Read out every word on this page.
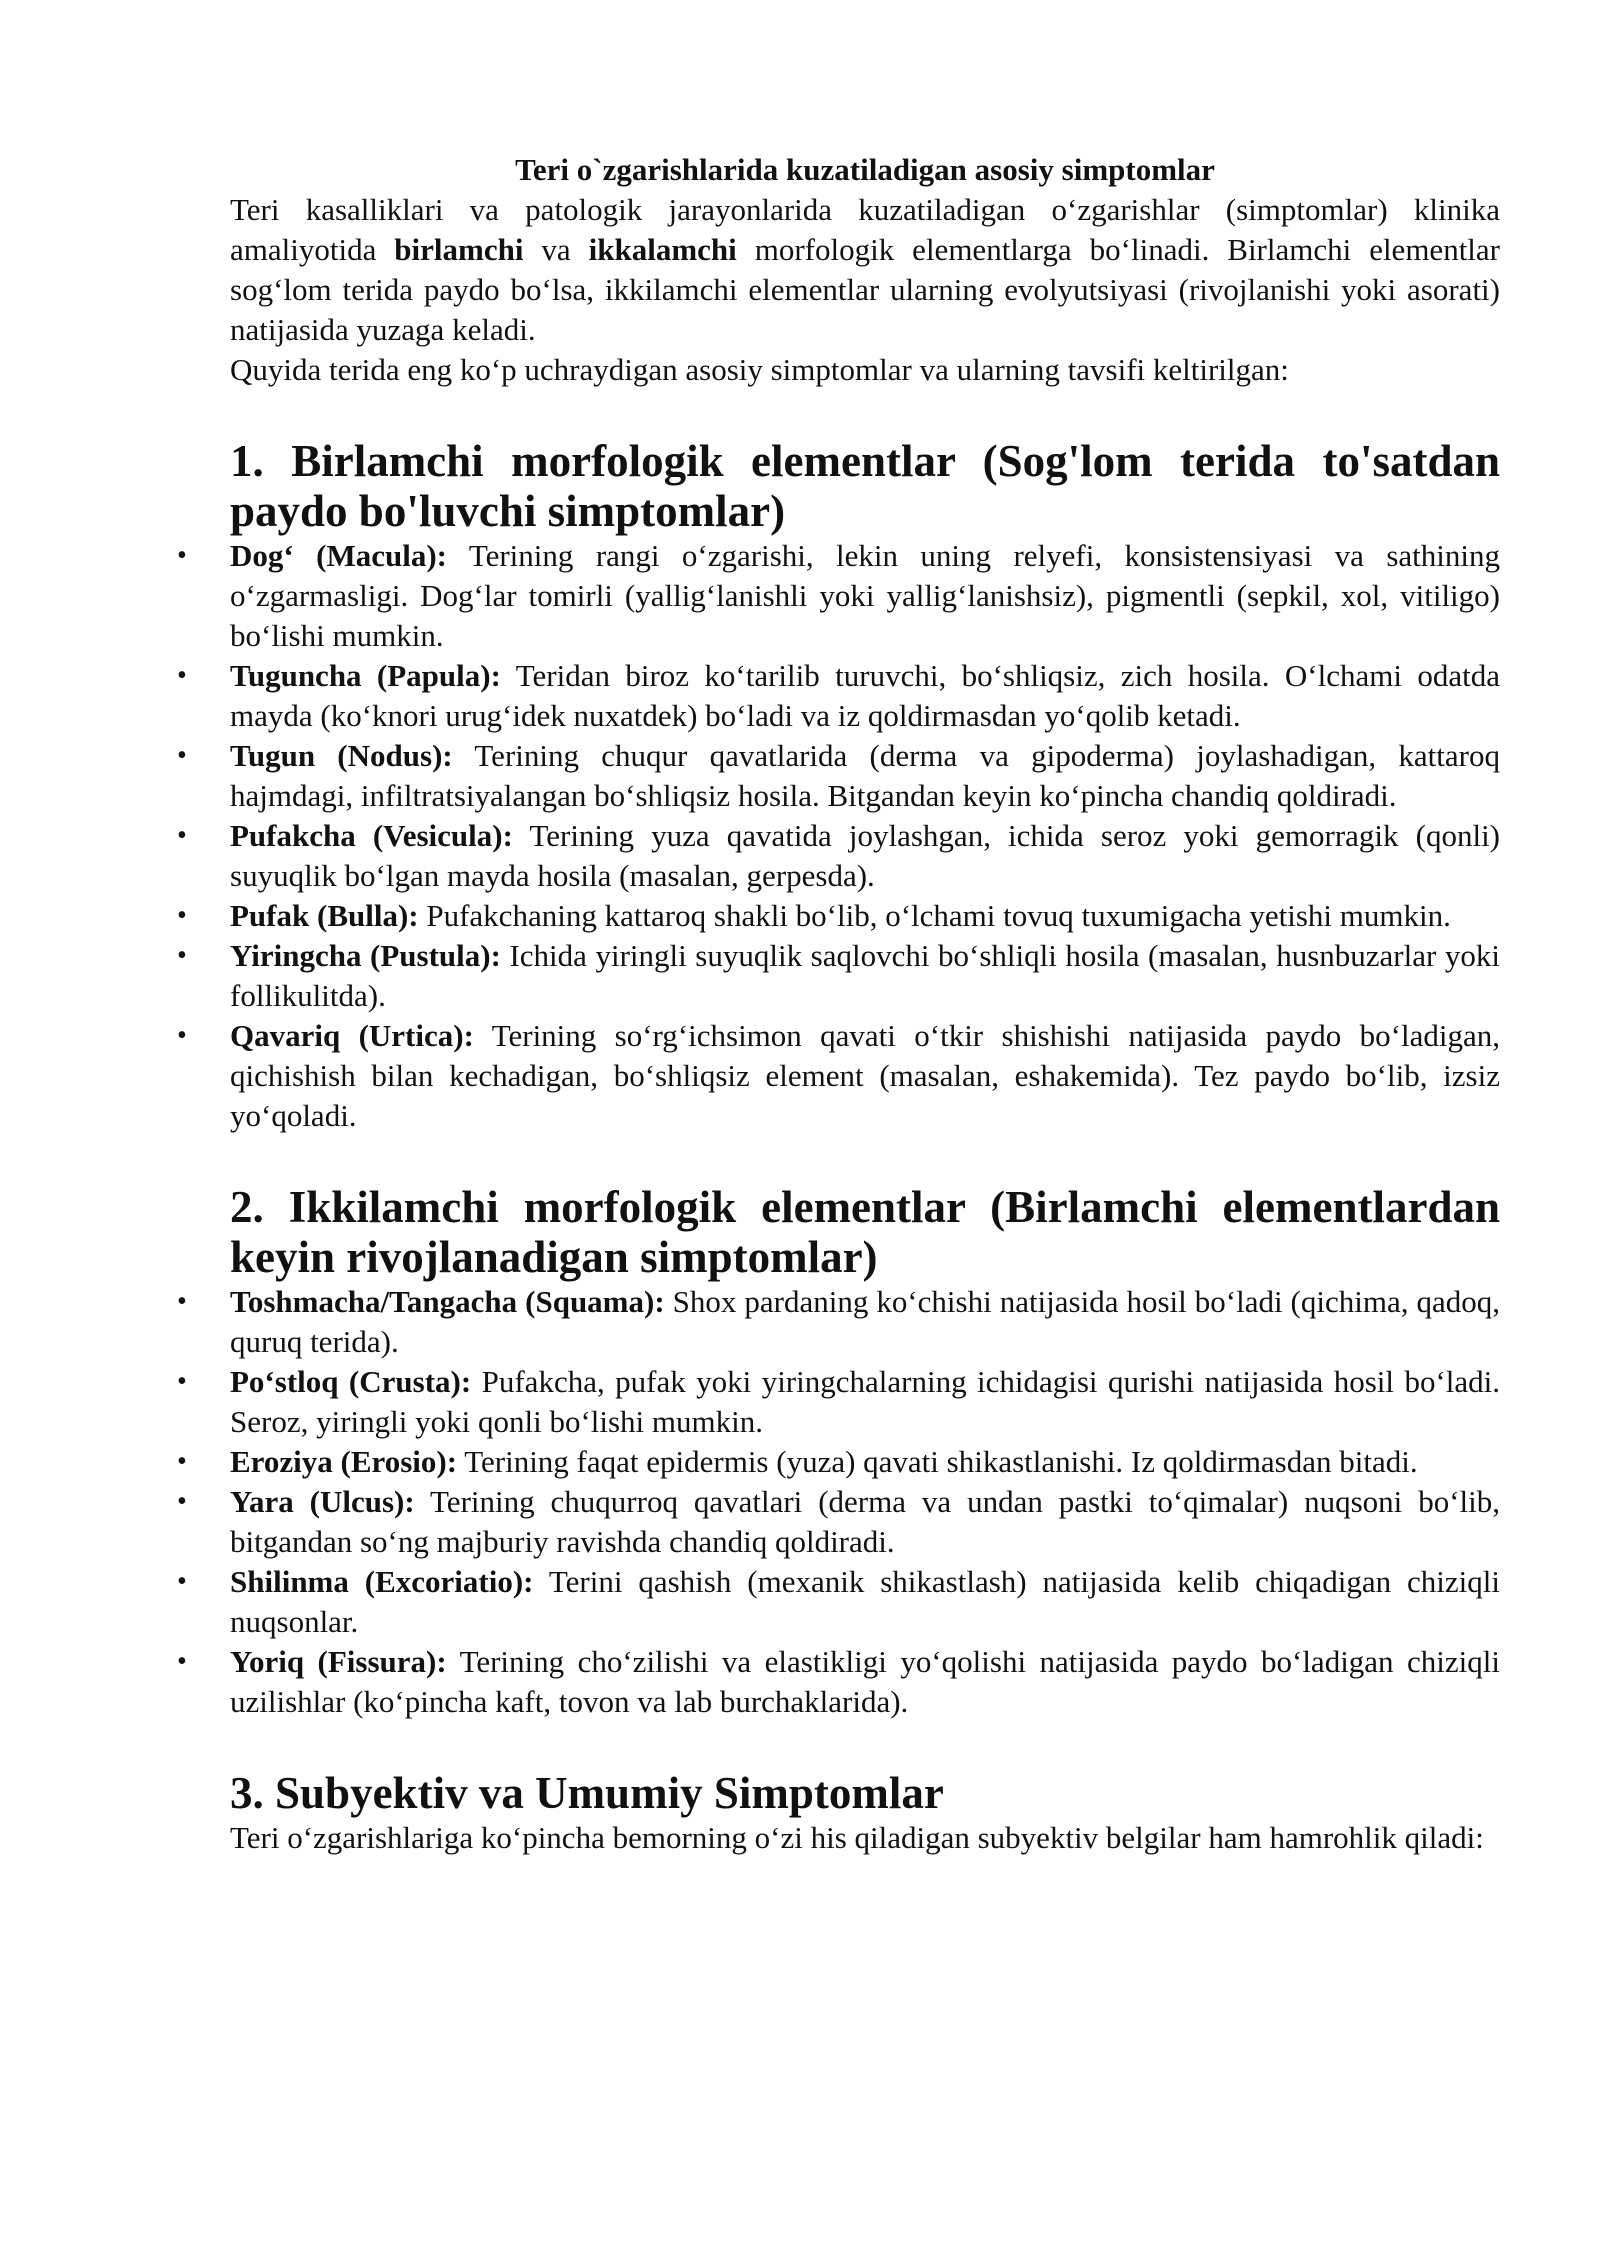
Teri o`zgarishlarida kuzatiladigan asosiy simptomlar

Teri kasalliklari va patologik jarayonlarida kuzatiladigan o‘zgarishlar (simptomlar) klinika amaliyotida birlamchi va ikkalamchi morfologik elementlarga bo‘linadi. Birlamchi elementlar sog‘lom terida paydo bo‘lsa, ikkilamchi elementlar ularning evolyutsiyasi (rivojlanishi yoki asorati) natijasida yuzaga keladi.

Quyida terida eng ko‘p uchraydigan asosiy simptomlar va ularning tavsifi keltirilgan:

1. Birlamchi morfologik elementlar (Sog'lom terida to'satdan paydo bo'luvchi simptomlar)
• Dog‘ (Macula): Terining rangi o‘zgarishi, lekin uning relyefi, konsistensiyasi va sathining o‘zgarmasligi. Dog‘lar tomirli (yallig‘lanishli yoki yallig‘lanishsiz), pigmentli (sepkil, xol, vitiligo) bo‘lishi mumkin.
• Tuguncha (Papula): Teridan biroz ko‘tarilib turuvchi, bo‘shliqsiz, zich hosila. O‘lchami odatda mayda (ko‘knori urug‘idek nuxatdek) bo‘ladi va iz qoldirmasdan yo‘qolib ketadi.
• Tugun (Nodus): Terining chuqur qavatlarida (derma va gipoderma) joylashadigan, kattaroq hajmdagi, infiltratsiyalangan bo‘shliqsiz hosila. Bitgandan keyin ko‘pincha chandiq qoldiradi.
• Pufakcha (Vesicula): Terining yuza qavatida joylashgan, ichida seroz yoki gemorragik (qonli) suyuqlik bo‘lgan mayda hosila (masalan, gerpesda).
• Pufak (Bulla): Pufakchaning kattaroq shakli bo‘lib, o‘lchami tovuq tuxumigacha yetishi mumkin.
• Yiringcha (Pustula): Ichida yiringli suyuqlik saqlovchi bo‘shliqli hosila (masalan, husnbuzarlar yoki follikulitda).
• Qavariq (Urtica): Terining so‘rg‘ichsimon qavati o‘tkir shishishi natijasida paydo bo‘ladigan, qichishish bilan kechadigan, bo‘shliqsiz element (masalan, eshakemida). Tez paydo bo‘lib, izsiz yo‘qoladi.
2. Ikkilamchi morfologik elementlar (Birlamchi elementlardan keyin rivojlanadigan simptomlar)
• Toshmacha/Tangacha (Squama): Shox pardaning ko‘chishi natijasida hosil bo‘ladi (qichima, qadoq, quruq terida).
• Po‘stloq (Crusta): Pufakcha, pufak yoki yiringchalarning ichidagisi qurishi natijasida hosil bo‘ladi. Seroz, yiringli yoki qonli bo‘lishi mumkin.
• Eroziya (Erosio): Terining faqat epidermis (yuza) qavati shikastlanishi. Iz qoldirmasdan bitadi.
• Yara (Ulcus): Terining chuqurroq qavatlari (derma va undan pastki to‘qimalar) nuqsoni bo‘lib, bitgandan so‘ng majburiy ravishda chandiq qoldiradi.
• Shilinma (Excoriatio): Terini qashish (mexanik shikastlash) natijasida kelib chiqadigan chiziqli nuqsonlar.
• Yoriq (Fissura): Terining cho‘zilishi va elastikligi yo‘qolishi natijasida paydo bo‘ladigan chiziqli uzilishlar (ko‘pincha kaft, tovon va lab burchaklarida).
3. Subyektiv va Umumiy Simptomlar

Teri o‘zgarishlariga ko‘pincha bemorning o‘zi his qiladigan subyektiv belgilar ham hamrohlik qiladi:
